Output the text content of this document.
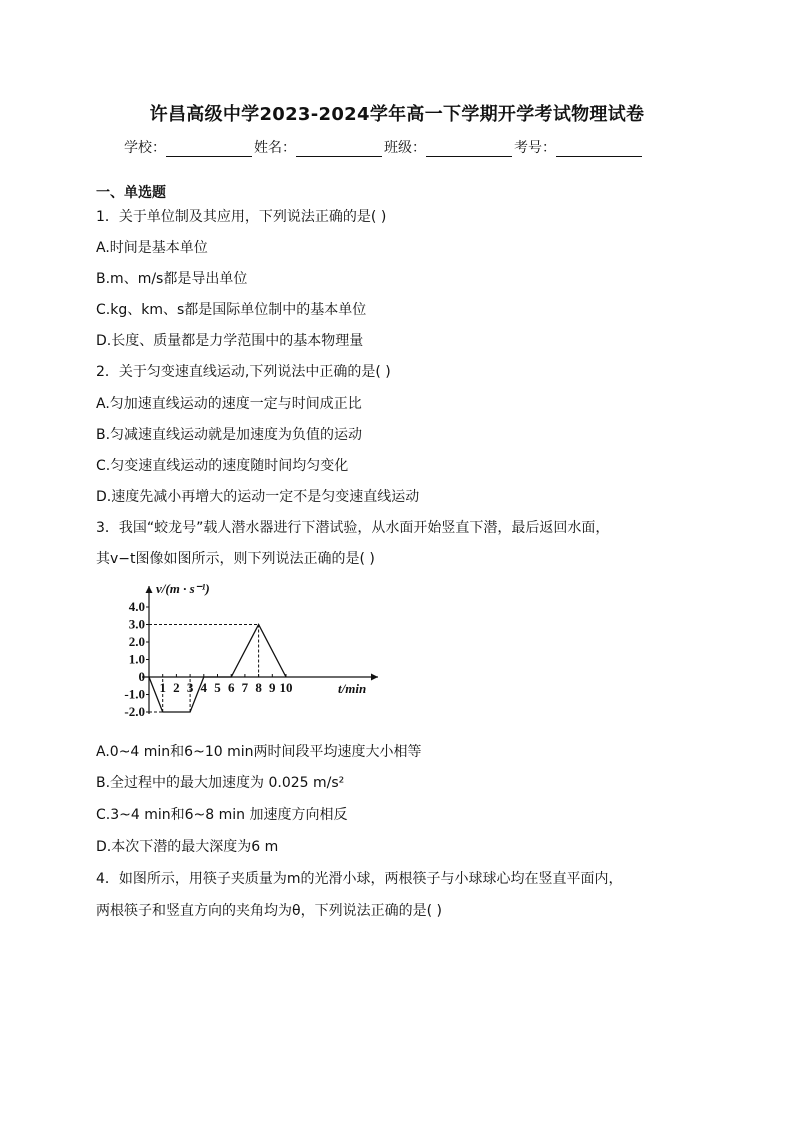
许昌高级中学2023-2024学年高一下学期开学考试物理试卷
学校：	姓名：	班级：	考号：
一、单选题
1．关于单位制及其应用，下列说法正确的是( )
A.时间是基本单位
B.m、m/s都是导出单位
C.kg、km、s都是国际单位制中的基本单位
D.长度、质量都是力学范围中的基本物理量
2．关于匀变速直线运动,下列说法中正确的是( )
A.匀加速直线运动的速度一定与时间成正比
B.匀减速直线运动就是加速度为负值的运动
C.匀变速直线运动的速度随时间均匀变化
D.速度先减小再增大的运动一定不是匀变速直线运动
3．我国“蛟龙号”载人潜水器进行下潜试验，从水面开始竖直下潜，最后返回水面，
其v−t图像如图所示，则下列说法正确的是( )
v/(m · s⁻¹)
t/min
4.0
3.0
2.0
1.0
0
-1.0
-2.0
1 2 3 4 5 6 7 8 9 10
A.0~4 min和6~10 min两时间段平均速度大小相等
B.全过程中的最大加速度为 0.025 m/s²
C.3~4 min和6~8 min 加速度方向相反
D.本次下潜的最大深度为6 m
4．如图所示，用筷子夹质量为m的光滑小球，两根筷子与小球球心均在竖直平面内，
两根筷子和竖直方向的夹角均为θ，下列说法正确的是( )
